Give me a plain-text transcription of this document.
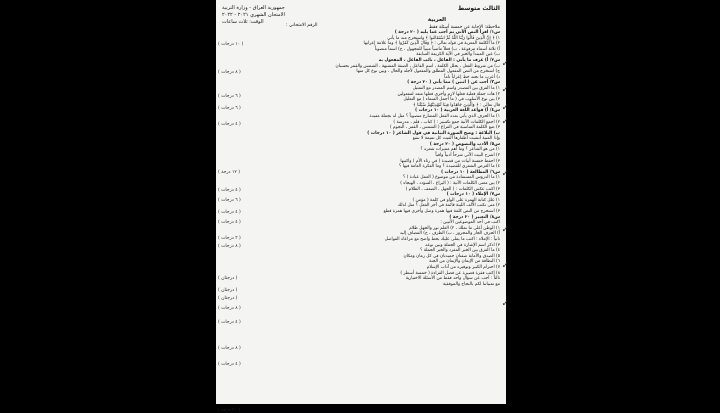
الثالث متوسط
جمهورية العراق - وزارة التربية
الامتحان الشهري ٢٠٢١ - ٢٠٢٢
الوقت: ثلاث ساعات	العربية
الرقم الامتحاني :	ملاحظة: الإجابة عن خمسة أسئلة فقط
س١/ اقرأ النص الآتي ثم أجب عما يليه ( ٢٠ درجة )
١) ﴿ إِنَّ الَّذِينَ قَالُوا رَبُّنَا اللَّهُ ثُمَّ اسْتَقَامُوا ﴾ واستخرج منه ما يأتي
٢) ما الكلمة المعربة في قوله تعالى : ﴿ وَقَالَ الَّذِينَ كَفَرُوا ﴾ وما علامة إعرابها
أ) ثلاثة أسماء مرفوعة ، ب) فعلاً ماضياً مبنياً للمجهول ، ج) اسماً منصوباً
ب) عين المبتدأ والخبر في الآية الكريمة السابقة
س٢/ أ) عرف ما يأتي : الفاعل ، نائب الفاعل ، المفعول به
ب) من شروط الفعل ، يحلل الكلمة ، اسم الفاعل ، الصفة المشبهة ، الشمس والقمر بحسبان
ج) استخرج من النص المفعول المطلق والمفعول لأجله والحال ، وبين نوع كل منها
د) أعرب ما تحته خط إعراباً تاماً
س٣/ أجب عن ( اثنين ) مما يأتي ( ٢٠ درجة )
١) ما الفرق بين المصدر واسم المصدر مع التمثيل
٢) هات جملة فعلية فعلها لازم وأخرى فعلها متعد لمفعولين
٣) بين نوع الأسلوب في ( ما أجمل السماء ) مع التعليل
قال تعالى : ﴿ وَالَّذِينَ جَاهَدُوا فِينَا لَنَهْدِيَنَّهُمْ سُبُلَنَا ﴾
س٤/ أ) قواعد اللغة العربية ( ١٠ درجات )
١) ما الحرف الذي يأتي بعده الفعل المضارع منصوباً ؟ مثل له بجملة مفيدة
٢) اجمع الكلمات الآتية جمع تكسير : ( كتاب ، قلم ، مدرسة )
٣) ضع الكلمة المناسبة في الفراغ ( الشمس ، القمر ، النجوم )
ب) البلاغة : وضح الصورة البيانية في قول الشاعر ( ١٠ درجات )
وإذا المنية أنشبت أظفارها ألفيت كل تميمة لا تنفع
س٥/ الأدب والنصوص ( ٢٠ درجة )
١) من هو الشاعر ؟ وما أهم مميزات شعره ؟
٢) اشرح البيت الآتي شرحاً أدبياً وافياً
٣) احفظ خمسة أبيات من قصيدة ( في رثاء الأم ) واكتبها
٤) ما الغرض الشعري للقصيدة ؟ وما الفكرة العامة فيها ؟
س٦/ المطالعة ( ١٠ درجات )
١) ما الدروس المستفادة من موضوع ( العمل عبادة ) ؟
٢) بين معنى الكلمات الآتية : ( اليراع ، السؤدد ، الهيجاء )
٣) اكتب عكس الكلمات : ( الجهل ، الضعف ، الظلام )
س٧/ الإملاء ( ١٠ درجات )
١) علل كتابة الهمزة على الواو في كلمة ( مؤمن )
٢) متى تكتب الألف اللينة قائمة في آخر الفعل ؟ مثل لذلك
٣) استخرج من النص كلمة فيها همزة وصل وأخرى فيها همزة قطع
س٨/ التعبير ( ٢٠ درجة )
اكتب في أحد الموضوعين الآتيين :
١) الوطن أغلى ما نملك ، ٢) العلم نور والجهل ظلام
أ) الحرف الجار والمجرور ، ب) الظرف ، ج) المضاف إليه
ثانياً : الإملاء : اكتب ما يملى عليك بخط واضح مع مراعاة الفواصل
٣) اذكر اسم الإشارة في الجملة وبين نوعه
٤) ما الفرق بين الخبر المفرد والخبر الجملة ؟
٥) الصدق والأمانة صفتان حميدتان في كل زمان ومكان
٦) النظافة من الإيمان والإيمان من الجنة
٧) احترام الكبير وتوقيره من آداب الإسلام
٨) اكتب فقرة قصيرة عن فضل القراءة ( خمسة أسطر )
ثالثاً : أجب عن سؤال واحد فقط من الأسئلة الاختيارية
مع تمنياتنا لكم بالنجاح والموفقية
( ١٠ درجات )
( ٨ درجات )
( ٦ درجات )
( ٦ درجات )
( ٤ درجات )
( ١٢ درجة )
( ٤ درجات )
( ٦ درجات )
( ٤ درجات )
( ٤ درجات )
( ٣ درجات )
( ٨ درجات )
( درجتان )
( درجتان )
( درجتان )
( ٨ درجات )
( ٤ درجات )
( ٨ درجات )
( ٤ درجات )
( ٢٠ درجة )
✓
✓
✓
✓
✓
✓
✓
✓
